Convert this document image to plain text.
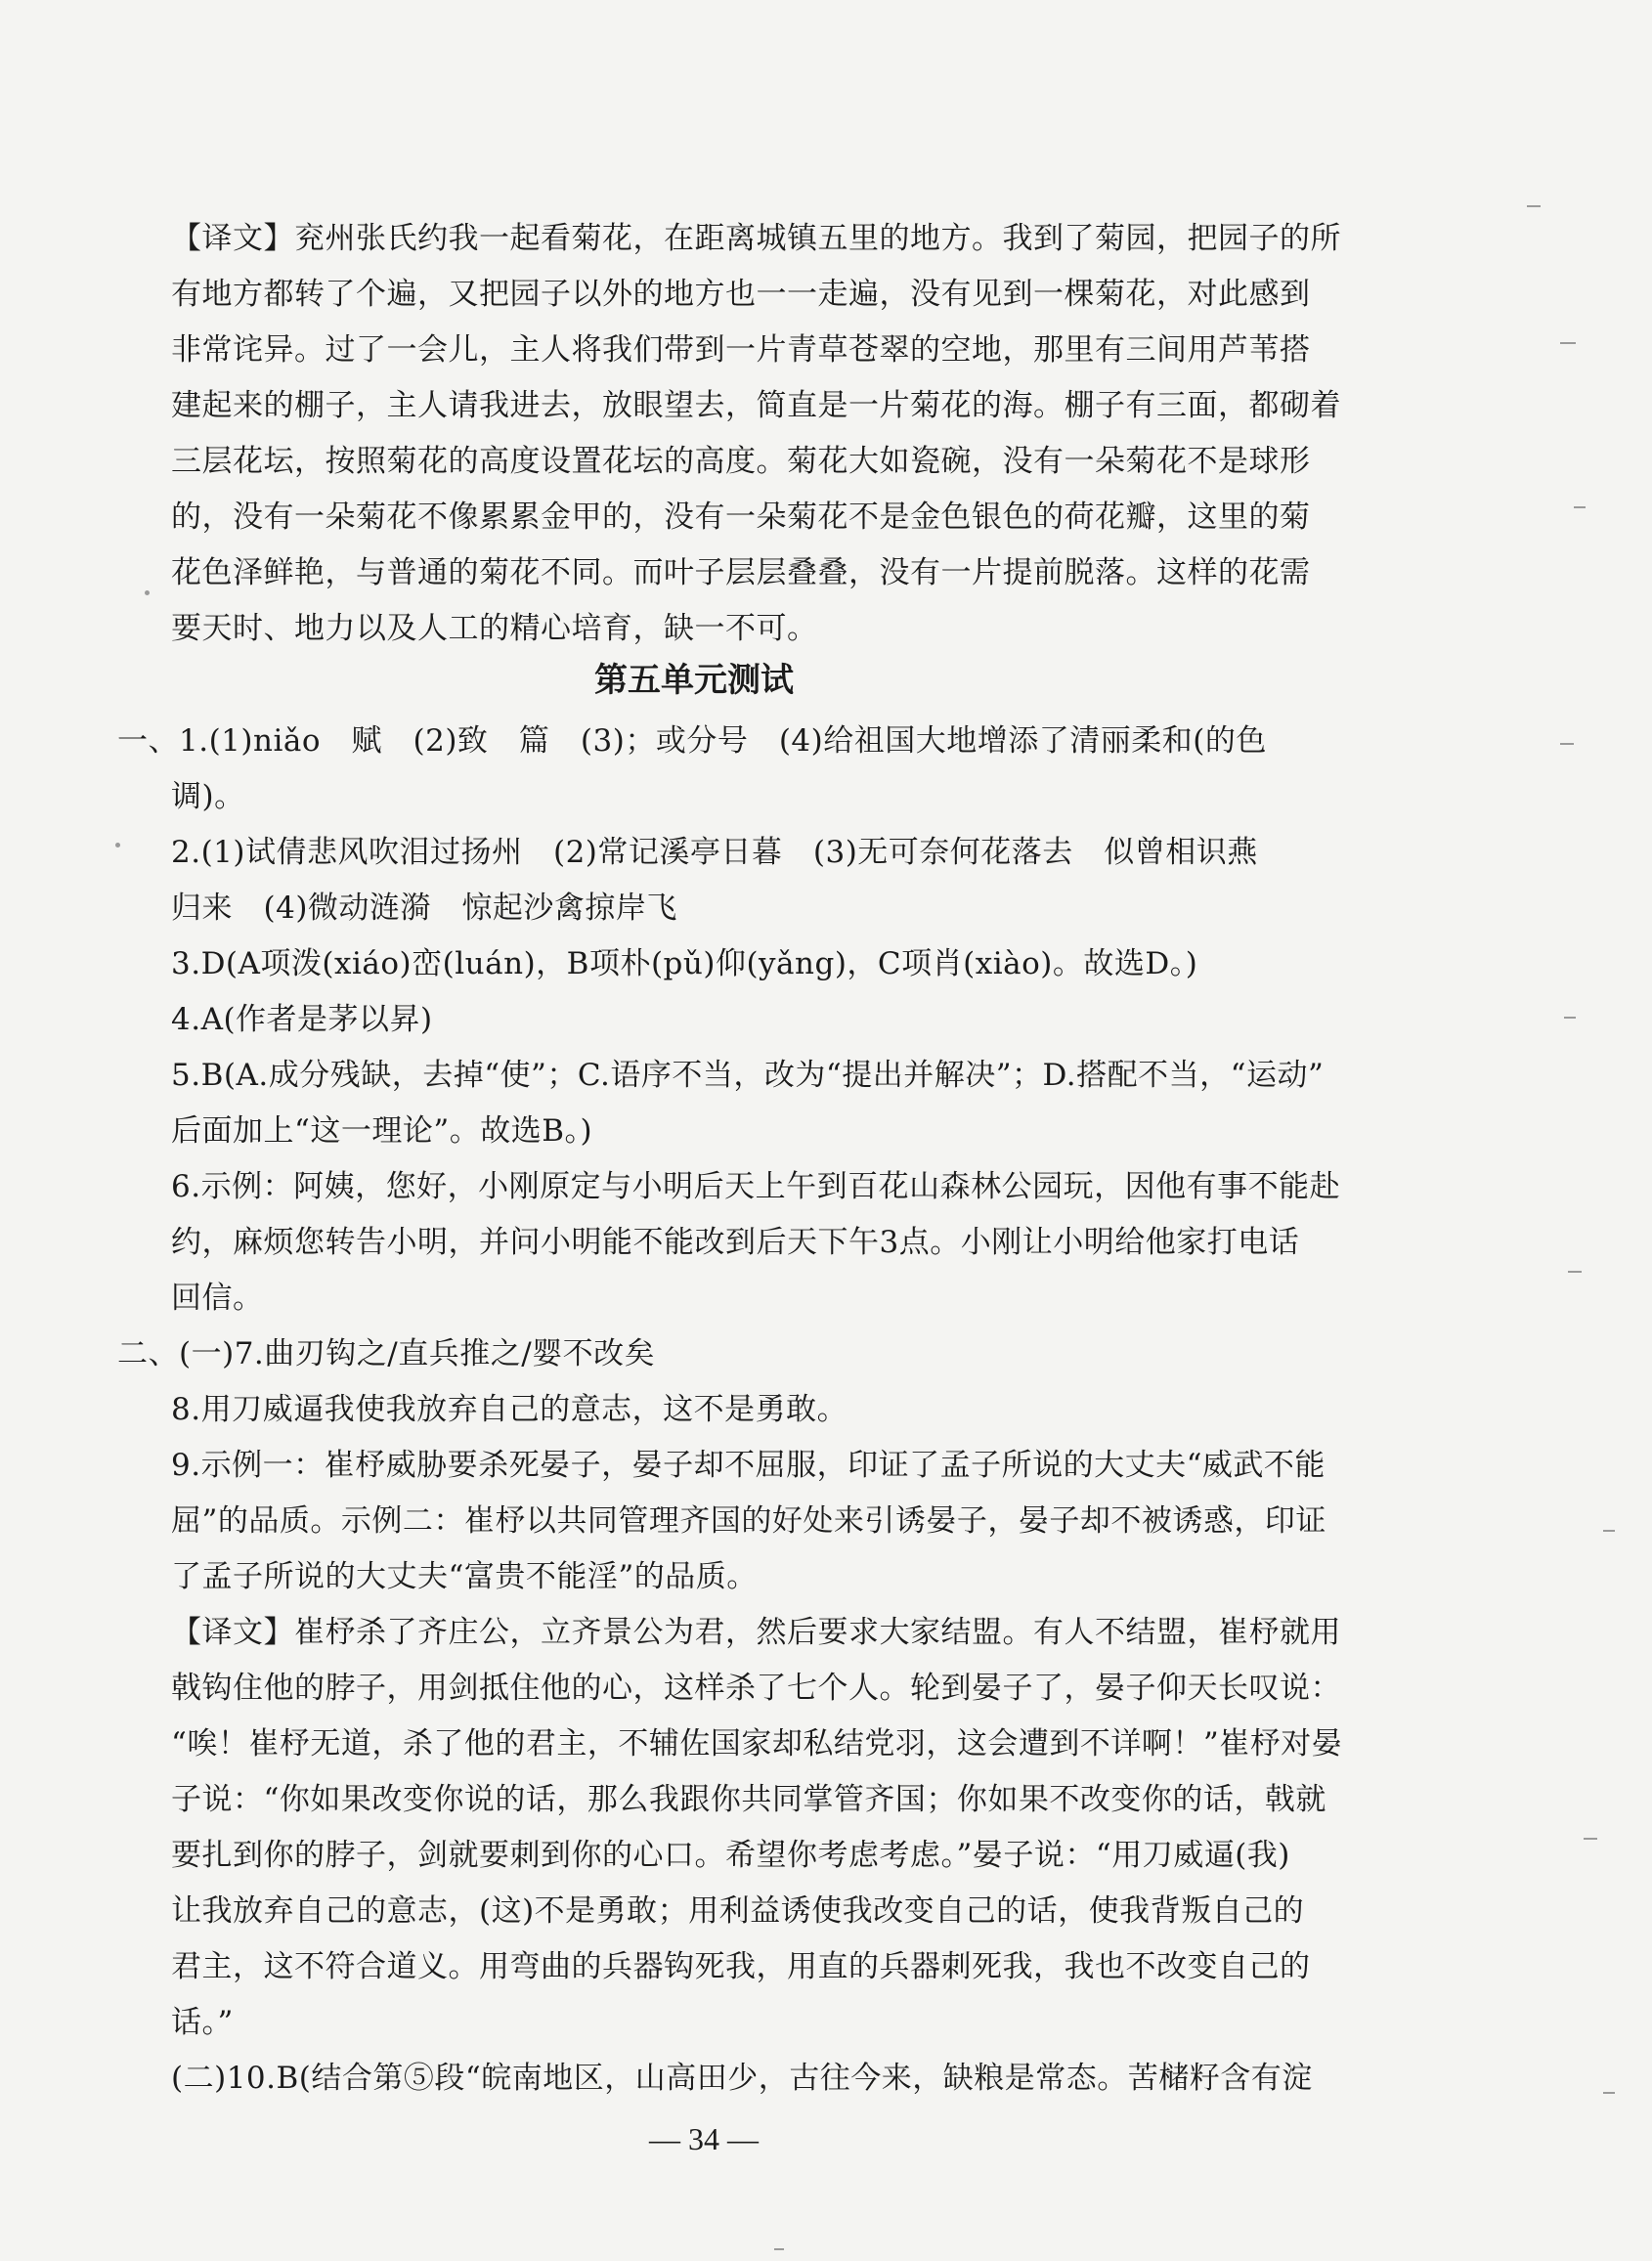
【译文】兖州张氏约我一起看菊花，在距离城镇五里的地方。我到了菊园，把园子的所
有地方都转了个遍，又把园子以外的地方也一一走遍，没有见到一棵菊花，对此感到
非常诧异。过了一会儿，主人将我们带到一片青草苍翠的空地，那里有三间用芦苇搭
建起来的棚子，主人请我进去，放眼望去，简直是一片菊花的海。棚子有三面，都砌着
三层花坛，按照菊花的高度设置花坛的高度。菊花大如瓷碗，没有一朵菊花不是球形
的，没有一朵菊花不像累累金甲的，没有一朵菊花不是金色银色的荷花瓣，这里的菊
花色泽鲜艳，与普通的菊花不同。而叶子层层叠叠，没有一片提前脱落。这样的花需
要天时、地力以及人工的精心培育，缺一不可。
第五单元测试
一、1.(1)niǎo　赋　(2)致　篇　(3)；或分号　(4)给祖国大地增添了清丽柔和(的色
调)。
2.(1)试倩悲风吹泪过扬州　(2)常记溪亭日暮　(3)无可奈何花落去　似曾相识燕
归来　(4)微动涟漪　惊起沙禽掠岸飞
3.D(A项泼(xiáo)峦(luán)，B项朴(pǔ)仰(yǎng)，C项肖(xiào)。故选D。)
4.A(作者是茅以昇)
5.B(A.成分残缺，去掉“使”；C.语序不当，改为“提出并解决”；D.搭配不当，“运动”
后面加上“这一理论”。故选B。)
6.示例：阿姨，您好，小刚原定与小明后天上午到百花山森林公园玩，因他有事不能赴
约，麻烦您转告小明，并问小明能不能改到后天下午3点。小刚让小明给他家打电话
回信。
二、(一)7.曲刃钩之/直兵推之/婴不改矣
8.用刀威逼我使我放弃自己的意志，这不是勇敢。
9.示例一：崔杼威胁要杀死晏子，晏子却不屈服，印证了孟子所说的大丈夫“威武不能
屈”的品质。示例二：崔杼以共同管理齐国的好处来引诱晏子，晏子却不被诱惑，印证
了孟子所说的大丈夫“富贵不能淫”的品质。
【译文】崔杼杀了齐庄公，立齐景公为君，然后要求大家结盟。有人不结盟，崔杼就用
戟钩住他的脖子，用剑抵住他的心，这样杀了七个人。轮到晏子了，晏子仰天长叹说：
“唉！崔杼无道，杀了他的君主，不辅佐国家却私结党羽，这会遭到不详啊！”崔杼对晏
子说：“你如果改变你说的话，那么我跟你共同掌管齐国；你如果不改变你的话，戟就
要扎到你的脖子，剑就要刺到你的心口。希望你考虑考虑。”晏子说：“用刀威逼(我)
让我放弃自己的意志，(这)不是勇敢；用利益诱使我改变自己的话，使我背叛自己的
君主，这不符合道义。用弯曲的兵器钩死我，用直的兵器刺死我，我也不改变自己的
话。”
(二)10.B(结合第⑤段“皖南地区，山高田少，古往今来，缺粮是常态。苦槠籽含有淀
— 34 —
